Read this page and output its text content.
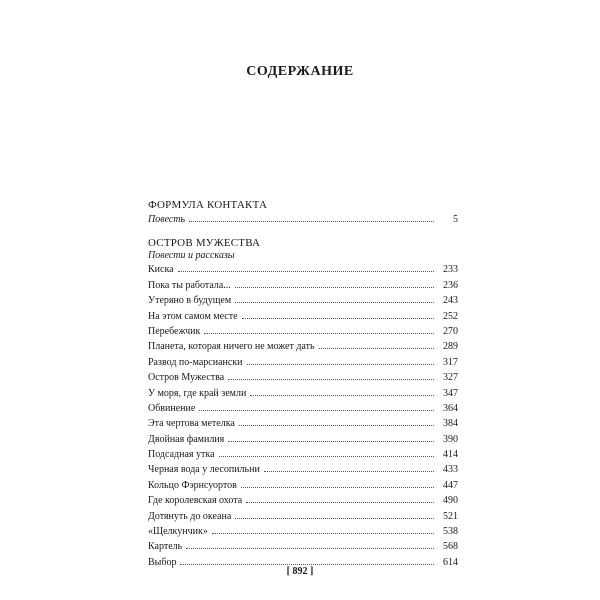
СОДЕРЖАНИЕ
ФОРМУЛА КОНТАКТА
Повесть	5
ОСТРОВ МУЖЕСТВА
Повести и рассказы
Киска	233
Пока ты работала...	236
Утеряно в будущем	243
На этом самом месте	252
Перебежчик	270
Планета, которая ничего не может дать	289
Развод по-марсиански	317
Остров Мужества	327
У моря, где край земли	347
Обвинение	364
Эта чертова метелка	384
Двойная фамилия	390
Подсадная утка	414
Черная вода у лесопильни	433
Кольцо Фэрнсуортов	447
Где королевская охота	490
Дотянуть до океана	521
«Щелкунчик»	538
Картель	568
Выбор	614
[ 892 ]
